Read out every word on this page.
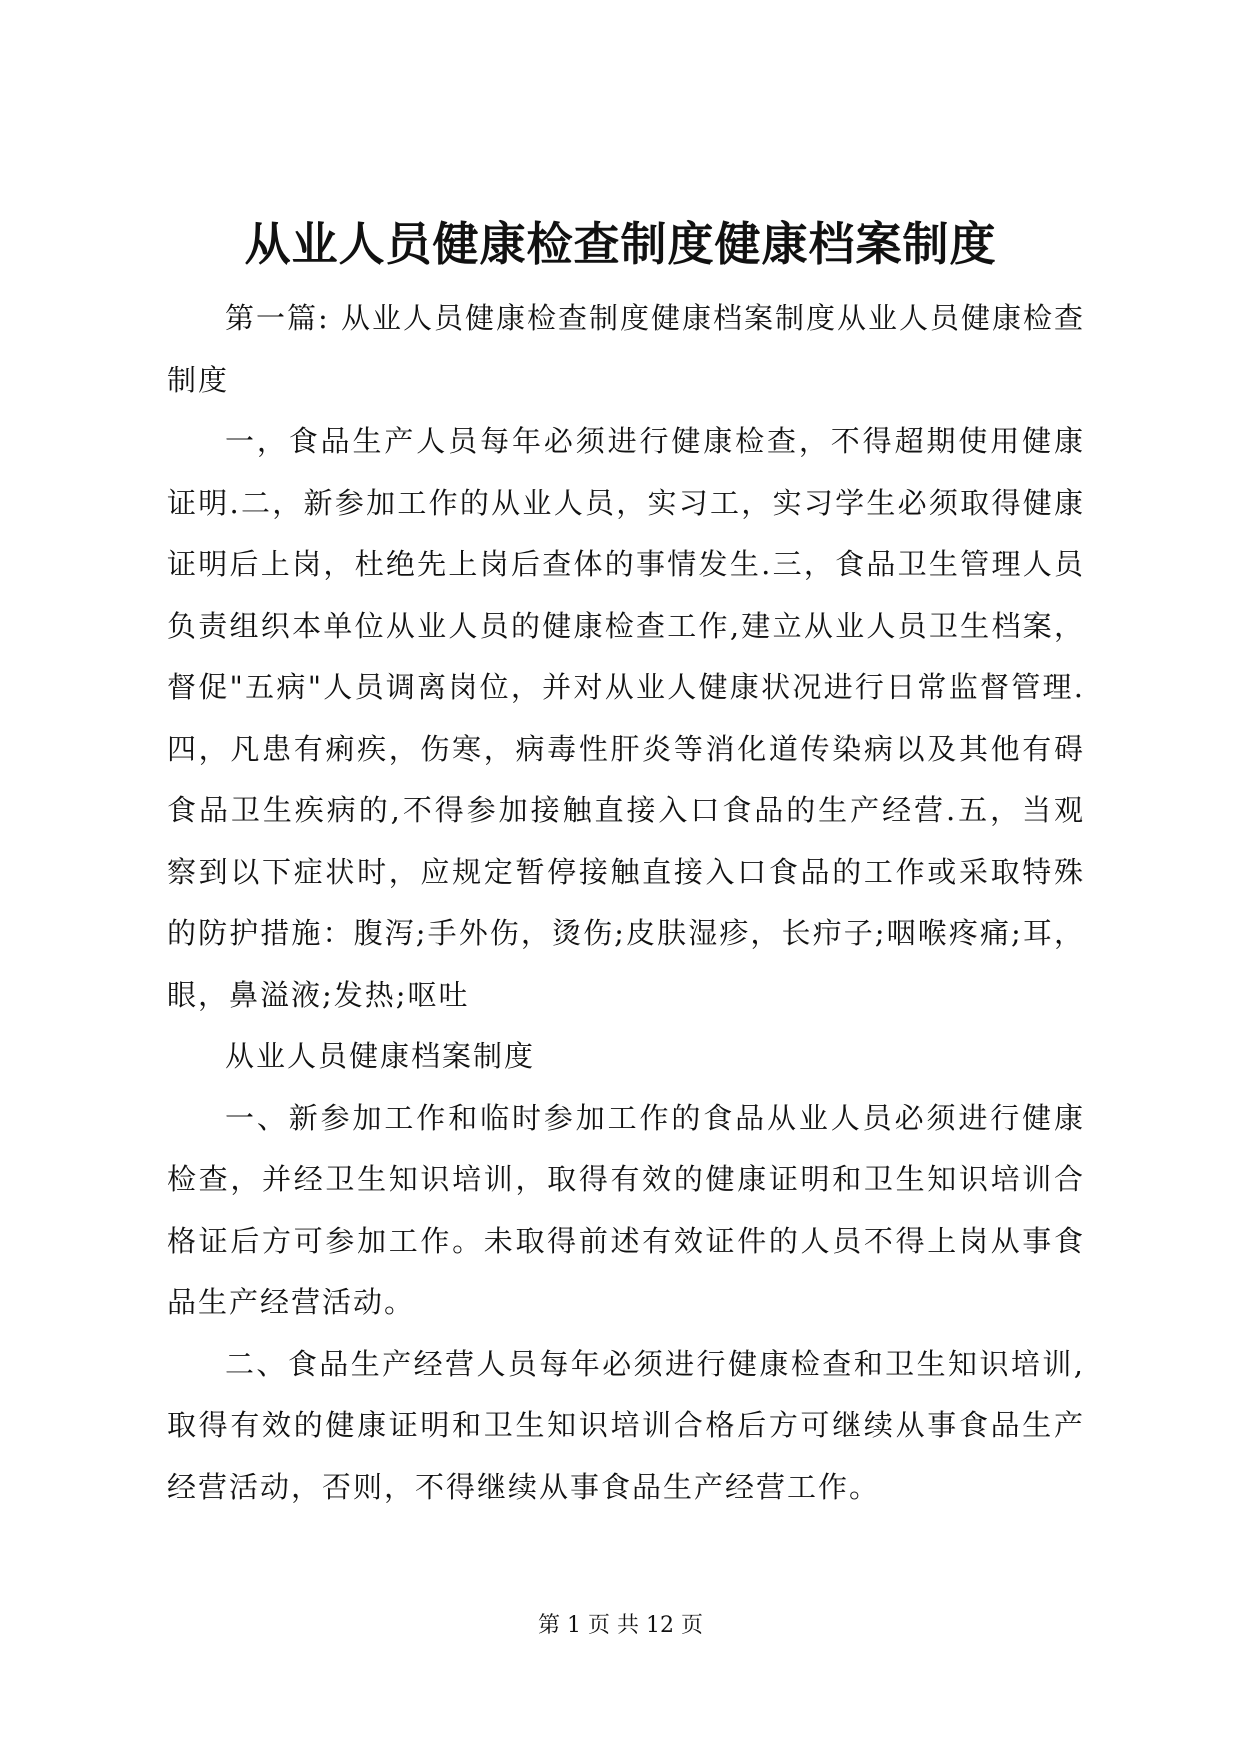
从业人员健康检查制度健康档案制度

第一篇: 从业人员健康检查制度健康档案制度从业人员健康检查制度

一，食品生产人员每年必须进行健康检查，不得超期使用健康证明.二，新参加工作的从业人员，实习工，实习学生必须取得健康证明后上岗，杜绝先上岗后查体的事情发生.三，食品卫生管理人员负责组织本单位从业人员的健康检查工作,建立从业人员卫生档案，督促"五病"人员调离岗位，并对从业人健康状况进行日常监督管理.四，凡患有痢疾，伤寒，病毒性肝炎等消化道传染病以及其他有碍食品卫生疾病的,不得参加接触直接入口食品的生产经营.五，当观察到以下症状时，应规定暂停接触直接入口食品的工作或采取特殊的防护措施：腹泻;手外伤，烫伤;皮肤湿疹，长疖子;咽喉疼痛;耳，眼，鼻溢液;发热;呕吐

从业人员健康档案制度

一、新参加工作和临时参加工作的食品从业人员必须进行健康检查，并经卫生知识培训，取得有效的健康证明和卫生知识培训合格证后方可参加工作。未取得前述有效证件的人员不得上岗从事食品生产经营活动。

二、食品生产经营人员每年必须进行健康检查和卫生知识培训,取得有效的健康证明和卫生知识培训合格后方可继续从事食品生产经营活动，否则，不得继续从事食品生产经营工作。

第 1 页 共 12 页
